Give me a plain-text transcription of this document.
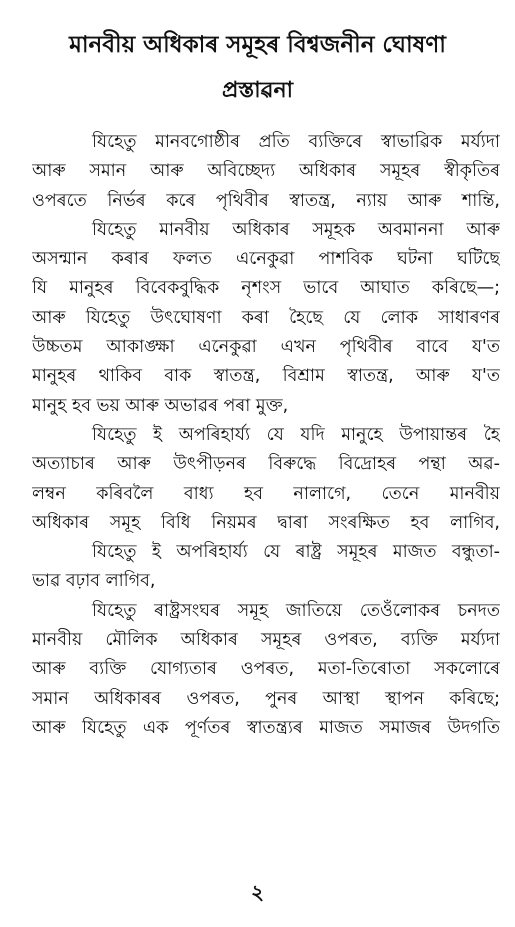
মানবীয় অধিকাৰ সমূহৰ বিশ্বজনীন ঘোষণা
প্ৰস্তাৱনা
যিহেতু মানবগোষ্ঠীৰ প্ৰতি ব্যক্তিৰে স্বাভাৱিক মৰ্য্যদা
আৰু সমান আৰু অবিচ্ছেদ্য অধিকাৰ সমূহৰ স্বীকৃতিৰ
ওপৰতে নিৰ্ভৰ কৰে পৃথিবীৰ স্বাতন্ত্ৰ, ন্যায় আৰু শান্তি,
যিহেতু মানবীয় অধিকাৰ সমূহক অবমাননা আৰু
অসন্মান কৰাৰ ফলত এনেকুৱা পাশবিক ঘটনা ঘটিছে
যি মানুহৰ বিবেকবুদ্ধিক নৃশংস ভাবে আঘাত কৰিছে—;
আৰু যিহেতু উৎঘোষণা কৰা হৈছে যে লোক সাধাৰণৰ
উচ্চতম আকাঙ্ক্ষা এনেকুৱা এখন পৃথিবীৰ বাবে য'ত
মানুহৰ থাকিব বাক স্বাতন্ত্ৰ, বিশ্ৰাম স্বাতন্ত্ৰ, আৰু য'ত
মানুহ হব ভয় আৰু অভাৱৰ পৰা মুক্ত,
যিহেতু ই অপৰিহাৰ্য্য যে যদি মানুহে উপায়ান্তৰ হৈ
অত্যাচাৰ আৰু উৎপীড়নৰ বিৰুদ্ধে বিদ্ৰোহৰ পন্থা অৱ-
লম্বন কৰিবলৈ বাধ্য হব নালাগে, তেনে মানবীয়
অধিকাৰ সমূহ বিধি নিয়মৰ দ্বাৰা সংৰক্ষিত হব লাগিব,
যিহেতু ই অপৰিহাৰ্য্য যে ৰাষ্ট্ৰ সমূহৰ মাজত বন্ধুতা-
ভাৱ বঢ়াব লাগিব,
যিহেতু ৰাষ্ট্ৰসংঘৰ সমূহ জাতিয়ে তেওঁলোকৰ চনদত
মানবীয় মৌলিক অধিকাৰ সমূহৰ ওপৰত, ব্যক্তি মৰ্য্যদা
আৰু ব্যক্তি যোগ্যতাৰ ওপৰত, মতা-তিৰোতা সকলোৰে
সমান অধিকাৰৰ ওপৰত, পুনৰ আস্থা স্থাপন কৰিছে;
আৰু যিহেতু এক পূৰ্ণতৰ স্বাতন্ত্ৰ্যৰ মাজত সমাজৰ উদগতি
২
